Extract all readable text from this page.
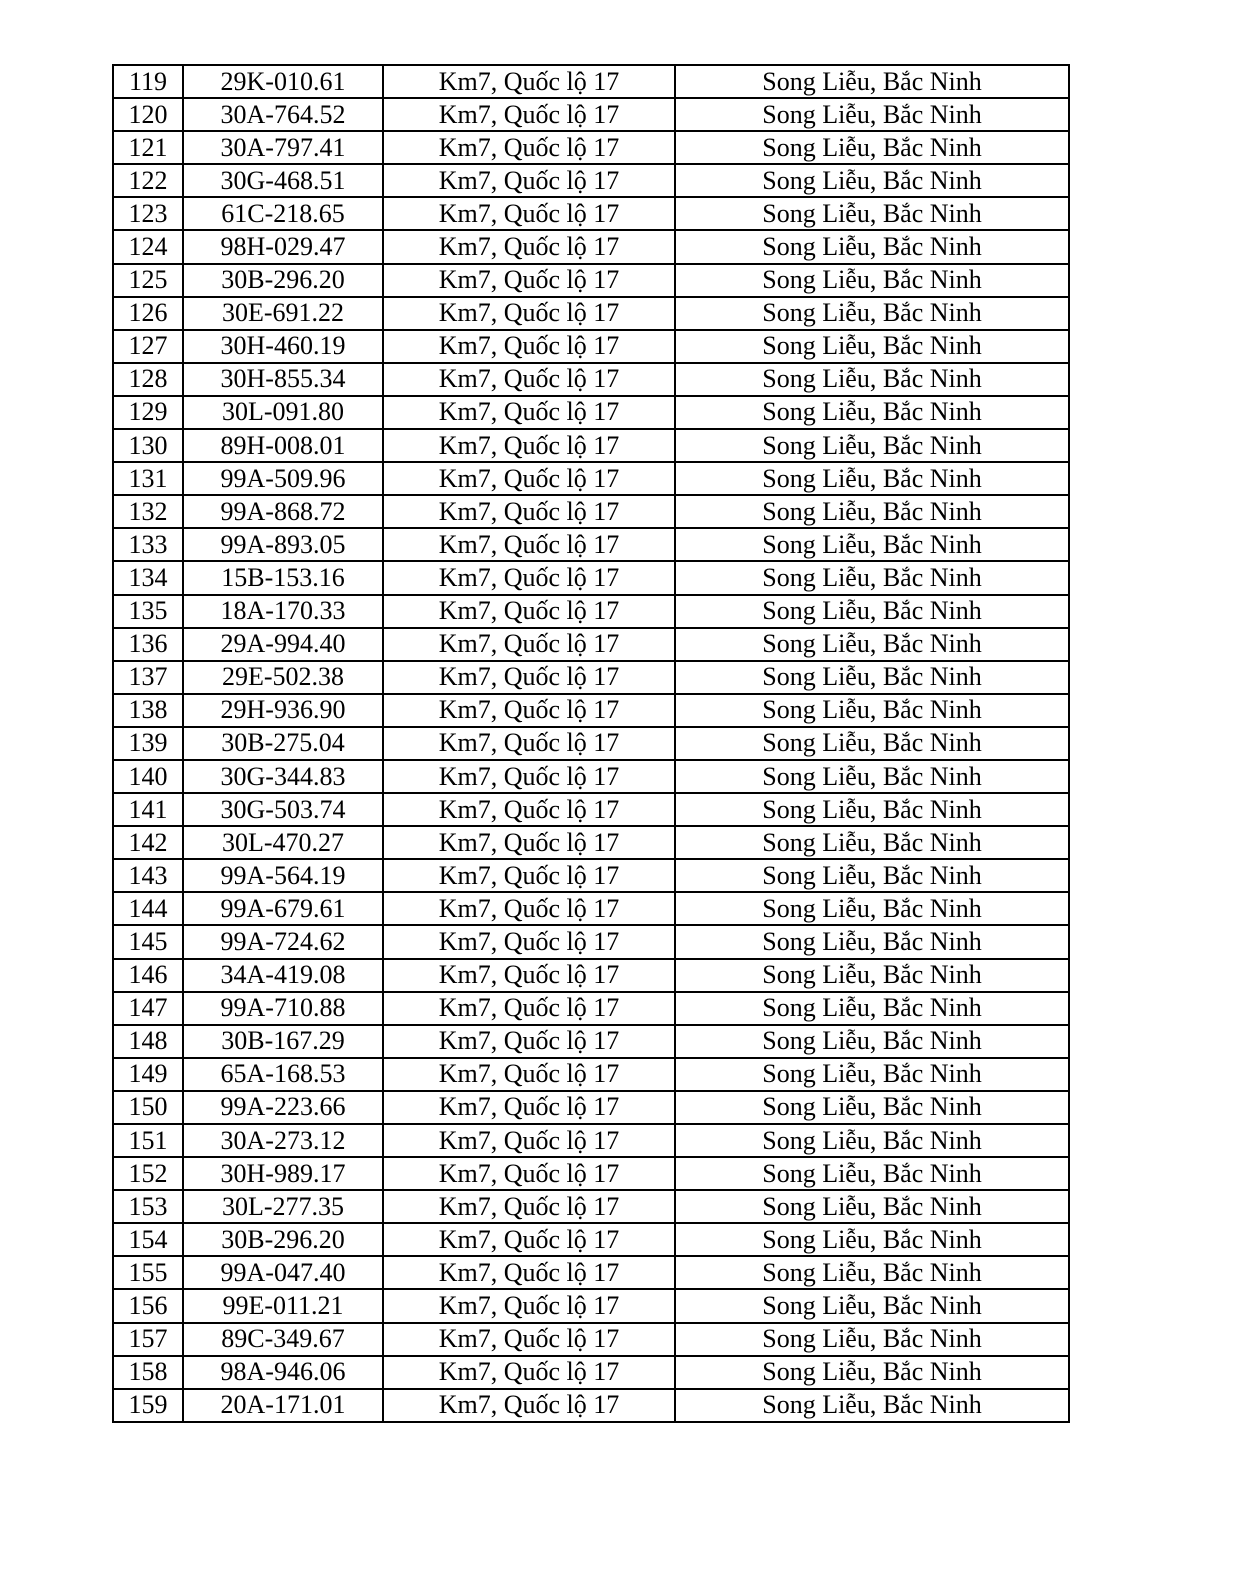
119	29K-010.61	Km7, Quốc lộ 17	Song Liễu, Bắc Ninh
120	30A-764.52	Km7, Quốc lộ 17	Song Liễu, Bắc Ninh
121	30A-797.41	Km7, Quốc lộ 17	Song Liễu, Bắc Ninh
122	30G-468.51	Km7, Quốc lộ 17	Song Liễu, Bắc Ninh
123	61C-218.65	Km7, Quốc lộ 17	Song Liễu, Bắc Ninh
124	98H-029.47	Km7, Quốc lộ 17	Song Liễu, Bắc Ninh
125	30B-296.20	Km7, Quốc lộ 17	Song Liễu, Bắc Ninh
126	30E-691.22	Km7, Quốc lộ 17	Song Liễu, Bắc Ninh
127	30H-460.19	Km7, Quốc lộ 17	Song Liễu, Bắc Ninh
128	30H-855.34	Km7, Quốc lộ 17	Song Liễu, Bắc Ninh
129	30L-091.80	Km7, Quốc lộ 17	Song Liễu, Bắc Ninh
130	89H-008.01	Km7, Quốc lộ 17	Song Liễu, Bắc Ninh
131	99A-509.96	Km7, Quốc lộ 17	Song Liễu, Bắc Ninh
132	99A-868.72	Km7, Quốc lộ 17	Song Liễu, Bắc Ninh
133	99A-893.05	Km7, Quốc lộ 17	Song Liễu, Bắc Ninh
134	15B-153.16	Km7, Quốc lộ 17	Song Liễu, Bắc Ninh
135	18A-170.33	Km7, Quốc lộ 17	Song Liễu, Bắc Ninh
136	29A-994.40	Km7, Quốc lộ 17	Song Liễu, Bắc Ninh
137	29E-502.38	Km7, Quốc lộ 17	Song Liễu, Bắc Ninh
138	29H-936.90	Km7, Quốc lộ 17	Song Liễu, Bắc Ninh
139	30B-275.04	Km7, Quốc lộ 17	Song Liễu, Bắc Ninh
140	30G-344.83	Km7, Quốc lộ 17	Song Liễu, Bắc Ninh
141	30G-503.74	Km7, Quốc lộ 17	Song Liễu, Bắc Ninh
142	30L-470.27	Km7, Quốc lộ 17	Song Liễu, Bắc Ninh
143	99A-564.19	Km7, Quốc lộ 17	Song Liễu, Bắc Ninh
144	99A-679.61	Km7, Quốc lộ 17	Song Liễu, Bắc Ninh
145	99A-724.62	Km7, Quốc lộ 17	Song Liễu, Bắc Ninh
146	34A-419.08	Km7, Quốc lộ 17	Song Liễu, Bắc Ninh
147	99A-710.88	Km7, Quốc lộ 17	Song Liễu, Bắc Ninh
148	30B-167.29	Km7, Quốc lộ 17	Song Liễu, Bắc Ninh
149	65A-168.53	Km7, Quốc lộ 17	Song Liễu, Bắc Ninh
150	99A-223.66	Km7, Quốc lộ 17	Song Liễu, Bắc Ninh
151	30A-273.12	Km7, Quốc lộ 17	Song Liễu, Bắc Ninh
152	30H-989.17	Km7, Quốc lộ 17	Song Liễu, Bắc Ninh
153	30L-277.35	Km7, Quốc lộ 17	Song Liễu, Bắc Ninh
154	30B-296.20	Km7, Quốc lộ 17	Song Liễu, Bắc Ninh
155	99A-047.40	Km7, Quốc lộ 17	Song Liễu, Bắc Ninh
156	99E-011.21	Km7, Quốc lộ 17	Song Liễu, Bắc Ninh
157	89C-349.67	Km7, Quốc lộ 17	Song Liễu, Bắc Ninh
158	98A-946.06	Km7, Quốc lộ 17	Song Liễu, Bắc Ninh
159	20A-171.01	Km7, Quốc lộ 17	Song Liễu, Bắc Ninh
